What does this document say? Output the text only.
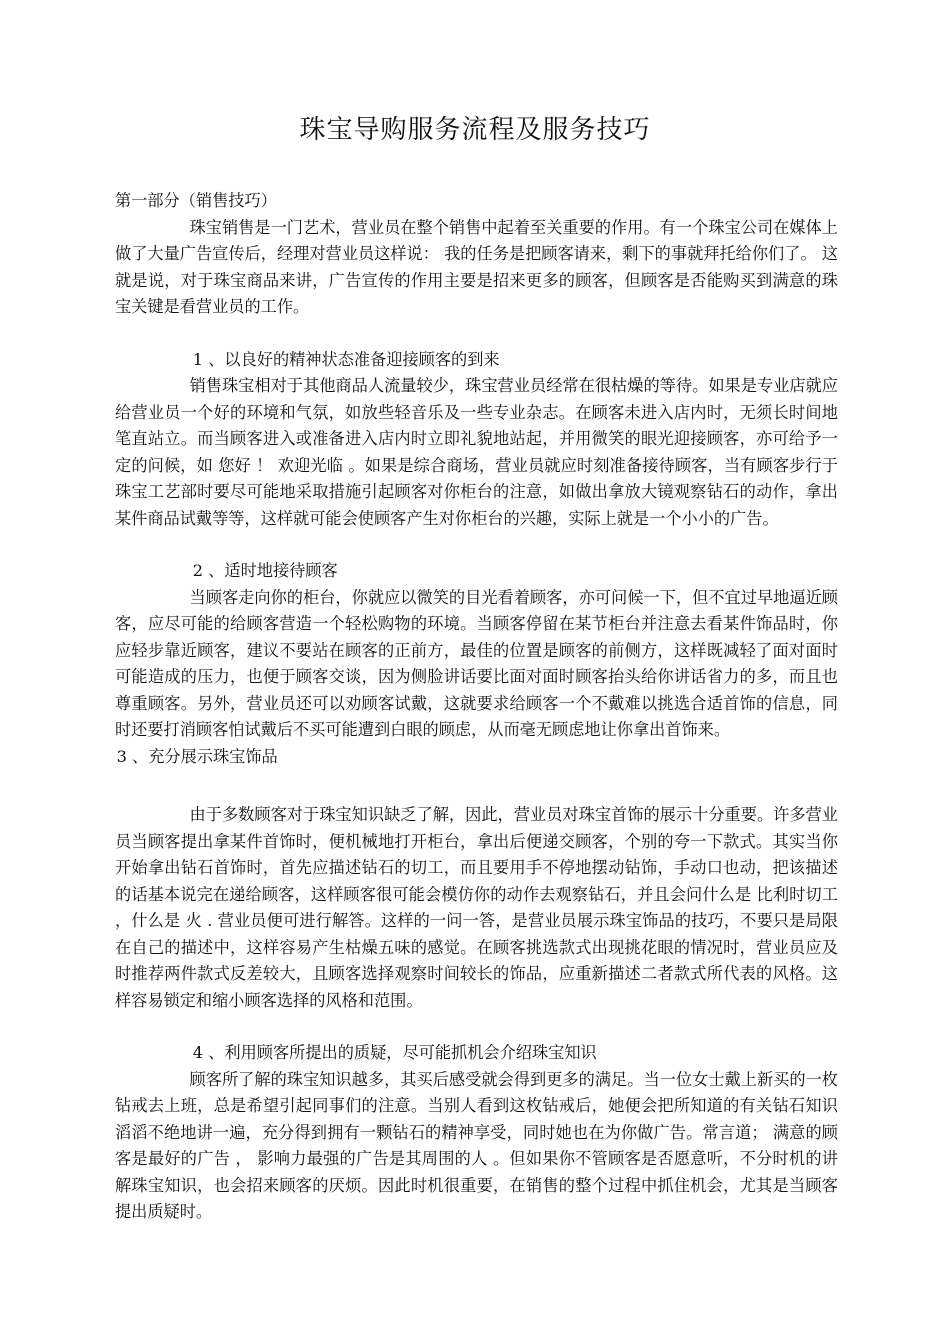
珠宝导购服务流程及服务技巧

第一部分（销售技巧）

珠宝销售是一门艺术，营业员在整个销售中起着至关重要的作用。有一个珠宝公司在媒体上做了大量广告宣传后，经理对营业员这样说： 我的任务是把顾客请来，剩下的事就拜托给你们了。 这就是说，对于珠宝商品来讲，广告宣传的作用主要是招来更多的顾客，但顾客是否能购买到满意的珠宝关键是看营业员的工作。

1 、以良好的精神状态准备迎接顾客的到来

销售珠宝相对于其他商品人流量较少，珠宝营业员经常在很枯燥的等待。如果是专业店就应给营业员一个好的环境和气氛，如放些轻音乐及一些专业杂志。在顾客未进入店内时，无须长时间地笔直站立。而当顾客进入或准备进入店内时立即礼貌地站起，并用微笑的眼光迎接顾客，亦可给予一定的问候，如 您好 ！ 欢迎光临 。如果是综合商场，营业员就应时刻准备接待顾客，当有顾客步行于珠宝工艺部时要尽可能地采取措施引起顾客对你柜台的注意，如做出拿放大镜观察钻石的动作，拿出某件商品试戴等等，这样就可能会使顾客产生对你柜台的兴趣，实际上就是一个小小的广告。

2 、适时地接待顾客

当顾客走向你的柜台，你就应以微笑的目光看着顾客，亦可问候一下，但不宜过早地逼近顾客，应尽可能的给顾客营造一个轻松购物的环境。当顾客停留在某节柜台并注意去看某件饰品时，你应轻步靠近顾客，建议不要站在顾客的正前方，最佳的位置是顾客的前侧方，这样既减轻了面对面时可能造成的压力，也便于顾客交谈，因为侧脸讲话要比面对面时顾客抬头给你讲话省力的多，而且也尊重顾客。另外，营业员还可以劝顾客试戴，这就要求给顾客一个不戴难以挑选合适首饰的信息，同时还要打消顾客怕试戴后不买可能遭到白眼的顾虑，从而毫无顾虑地让你拿出首饰来。

3 、充分展示珠宝饰品

由于多数顾客对于珠宝知识缺乏了解，因此，营业员对珠宝首饰的展示十分重要。许多营业员当顾客提出拿某件首饰时，便机械地打开柜台，拿出后便递交顾客，个别的夸一下款式。其实当你开始拿出钻石首饰时，首先应描述钻石的切工，而且要用手不停地摆动钻饰，手动口也动，把该描述的话基本说完在递给顾客，这样顾客很可能会模仿你的动作去观察钻石，并且会问什么是 比利时切工 ，什么是 火 . 营业员便可进行解答。这样的一问一答，是营业员展示珠宝饰品的技巧，不要只是局限在自己的描述中，这样容易产生枯燥五味的感觉。在顾客挑选款式出现挑花眼的情况时，营业员应及时推荐两件款式反差较大，且顾客选择观察时间较长的饰品，应重新描述二者款式所代表的风格。这样容易锁定和缩小顾客选择的风格和范围。

4 、利用顾客所提出的质疑，尽可能抓机会介绍珠宝知识

顾客所了解的珠宝知识越多，其买后感受就会得到更多的满足。当一位女士戴上新买的一枚钻戒去上班，总是希望引起同事们的注意。当别人看到这枚钻戒后，她便会把所知道的有关钻石知识滔滔不绝地讲一遍，充分得到拥有一颗钻石的精神享受，同时她也在为你做广告。常言道； 满意的顾客是最好的广告 ， 影响力最强的广告是其周围的人 。但如果你不管顾客是否愿意听，不分时机的讲解珠宝知识，也会招来顾客的厌烦。因此时机很重要，在销售的整个过程中抓住机会，尤其是当顾客提出质疑时。
